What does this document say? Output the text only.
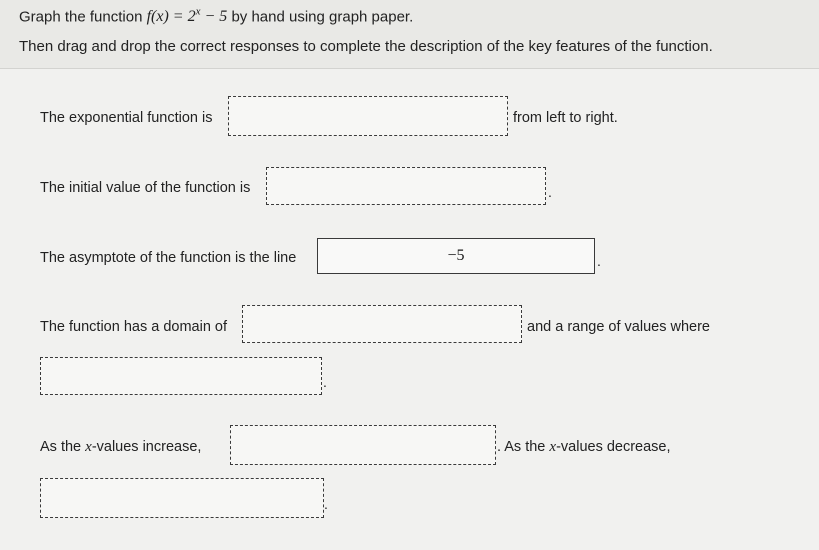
Graph the function $f(x) = 2^x - 5$ by hand using graph paper.
Then drag and drop the correct responses to complete the description of the key features of the function.
The exponential function is	from left to right.
The initial value of the function is	.
The asymptote of the function is the line	−5	.
The function has a domain of	and a range of values where
.
As the x-values increase,	. As the x-values decrease,
.
